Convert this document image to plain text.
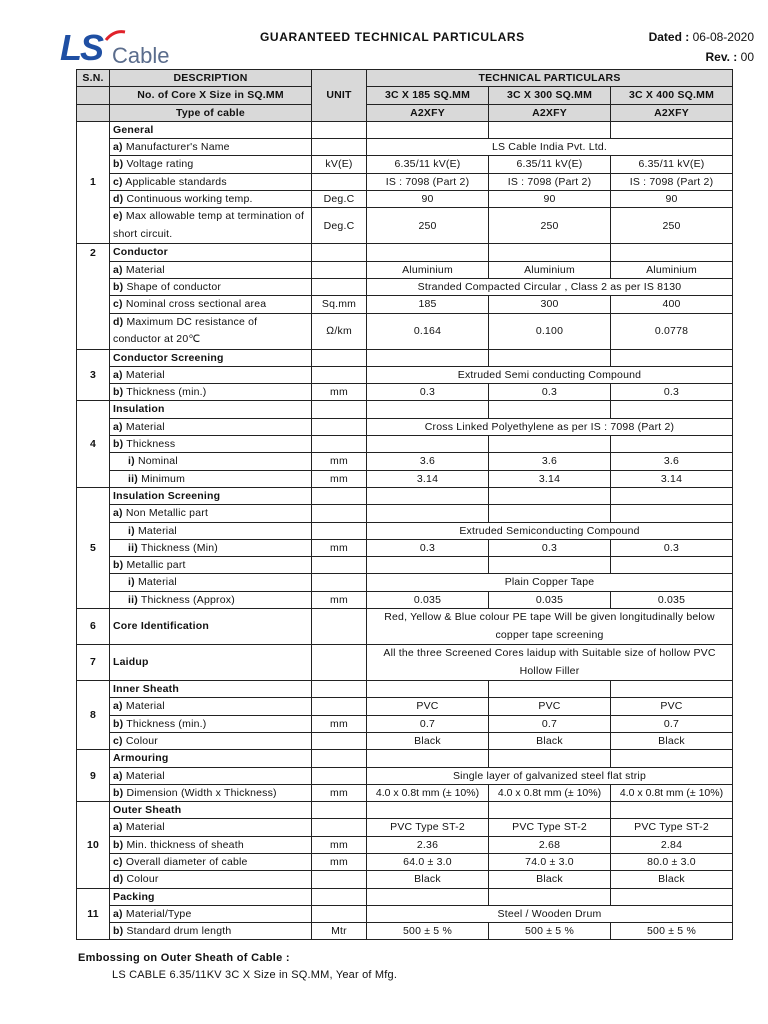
LS Cable
GUARANTEED TECHNICAL PARTICULARS	Dated : 06-08-2020
Rev. : 00
S.N.	DESCRIPTION	UNIT	TECHNICAL PARTICULARS		
	No. of Core X Size in SQ.MM		3C X 185 SQ.MM	3C X 300 SQ.MM	3C X 400 SQ.MM
	Type of cable		A2XFY	A2XFY	A2XFY
1	General				
	a) Manufacturer's Name		LS Cable India Pvt. Ltd.		
	b) Voltage rating	kV(E)	6.35/11 kV(E)	6.35/11 kV(E)	6.35/11 kV(E)
	c) Applicable standards		IS : 7098 (Part 2)	IS : 7098 (Part 2)	IS : 7098 (Part 2)
	d) Continuous working temp.	Deg.C	90	90	90
	e) Max allowable temp at termination of short circuit.	Deg.C	250	250	250
2	Conductor				
	a) Material		Aluminium	Aluminium	Aluminium
	b) Shape of conductor		Stranded Compacted Circular , Class 2 as per IS 8130		
	c) Nominal cross sectional area	Sq.mm	185	300	400
	d) Maximum DC resistance of conductor at 20℃	Ω/km	0.164	0.100	0.0778
3	Conductor Screening				
	a) Material		Extruded Semi conducting Compound		
	b) Thickness (min.)	mm	0.3	0.3	0.3
4	Insulation				
	a) Material		Cross Linked Polyethylene as per IS : 7098 (Part 2)		
	b) Thickness				
	i) Nominal	mm	3.6	3.6	3.6
	ii) Minimum	mm	3.14	3.14	3.14
5	Insulation Screening				
	a) Non Metallic part				
	i) Material		Extruded Semiconducting Compound		
	ii) Thickness (Min)	mm	0.3	0.3	0.3
	b) Metallic part				
	i) Material		Plain Copper Tape		
	ii) Thickness (Approx)	mm	0.035	0.035	0.035
6	Core Identification		Red, Yellow & Blue colour PE tape Will be given longitudinally below copper tape screening		
7	Laidup		All the three Screened Cores laidup with Suitable size of hollow PVC Hollow Filler		
8	Inner Sheath				
	a) Material		PVC	PVC	PVC
	b) Thickness (min.)	mm	0.7	0.7	0.7
	c) Colour		Black	Black	Black
9	Armouring				
	a) Material		Single layer of galvanized steel flat strip		
	b) Dimension (Width x Thickness)	mm	4.0 x 0.8t mm (± 10%)	4.0 x 0.8t mm (± 10%)	4.0 x 0.8t mm (± 10%)
10	Outer Sheath				
	a) Material		PVC Type ST-2	PVC Type ST-2	PVC Type ST-2
	b) Min. thickness of sheath	mm	2.36	2.68	2.84
	c) Overall diameter of cable	mm	64.0 ± 3.0	74.0 ± 3.0	80.0 ± 3.0
	d) Colour		Black	Black	Black
11	Packing				
	a) Material/Type		Steel / Wooden Drum		
	b) Standard drum length	Mtr	500 ± 5 %	500 ± 5 %	500 ± 5 %
Embossing on Outer Sheath of Cable :
LS CABLE 6.35/11KV 3C X Size in SQ.MM, Year of Mfg.
